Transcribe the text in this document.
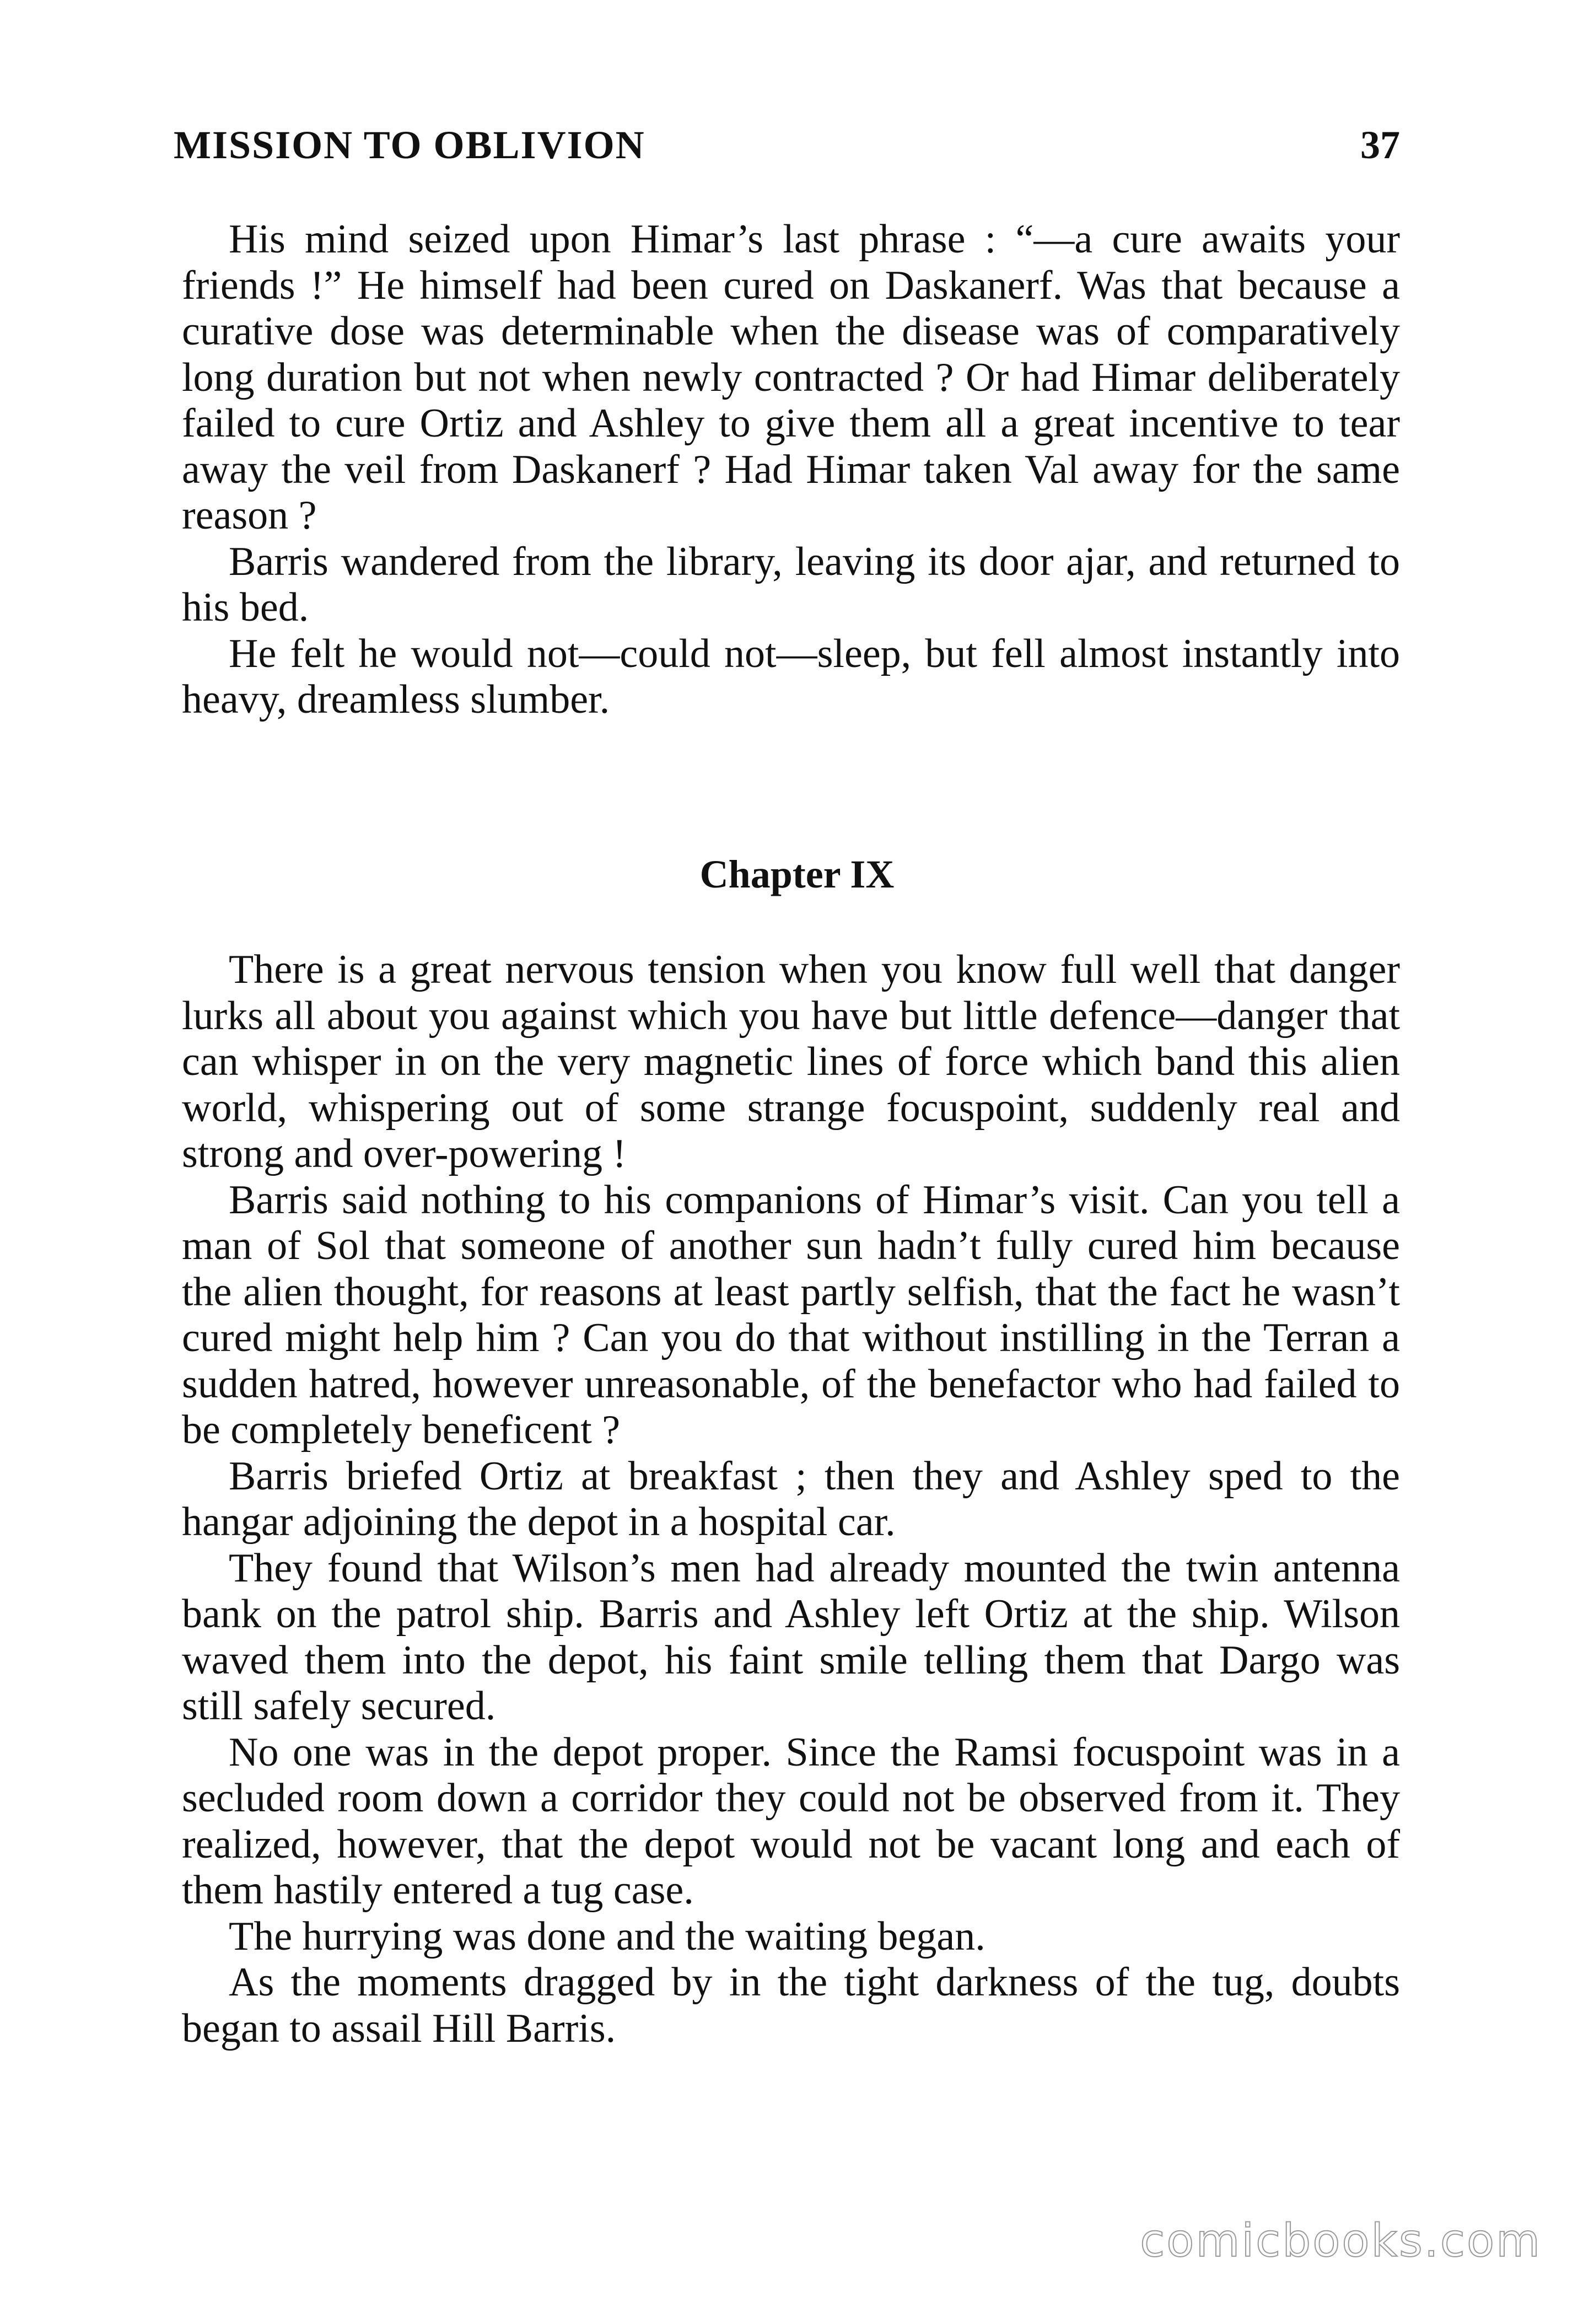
MISSION TO OBLIVION	37

His mind seized upon Himar’s last phrase : “—a cure awaits your friends !” He himself had been cured on Daskanerf. Was that because a curative dose was determinable when the disease was of comparatively long duration but not when newly contracted ? Or had Himar deliberately failed to cure Ortiz and Ashley to give them all a great incentive to tear away the veil from Daskanerf ? Had Himar taken Val away for the same reason ?

Barris wandered from the library, leaving its door ajar, and returned to his bed.

He felt he would not—could not—sleep, but fell almost instantly into heavy, dreamless slumber.

Chapter IX

There is a great nervous tension when you know full well that danger lurks all about you against which you have but little defence—danger that can whisper in on the very magnetic lines of force which band this alien world, whispering out of some strange focuspoint, suddenly real and strong and over-powering !

Barris said nothing to his companions of Himar’s visit. Can you tell a man of Sol that someone of another sun hadn’t fully cured him because the alien thought, for reasons at least partly selfish, that the fact he wasn’t cured might help him ? Can you do that without instilling in the Terran a sudden hatred, however unreasonable, of the benefactor who had failed to be completely beneficent ?

Barris briefed Ortiz at breakfast ; then they and Ashley sped to the hangar adjoining the depot in a hospital car.

They found that Wilson’s men had already mounted the twin antenna bank on the patrol ship. Barris and Ashley left Ortiz at the ship. Wilson waved them into the depot, his faint smile telling them that Dargo was still safely secured.

No one was in the depot proper. Since the Ramsi focuspoint was in a secluded room down a corridor they could not be observed from it. They realized, however, that the depot would not be vacant long and each of them hastily entered a tug case.

The hurrying was done and the waiting began.

As the moments dragged by in the tight darkness of the tug, doubts began to assail Hill Barris.

comicbooks.com
